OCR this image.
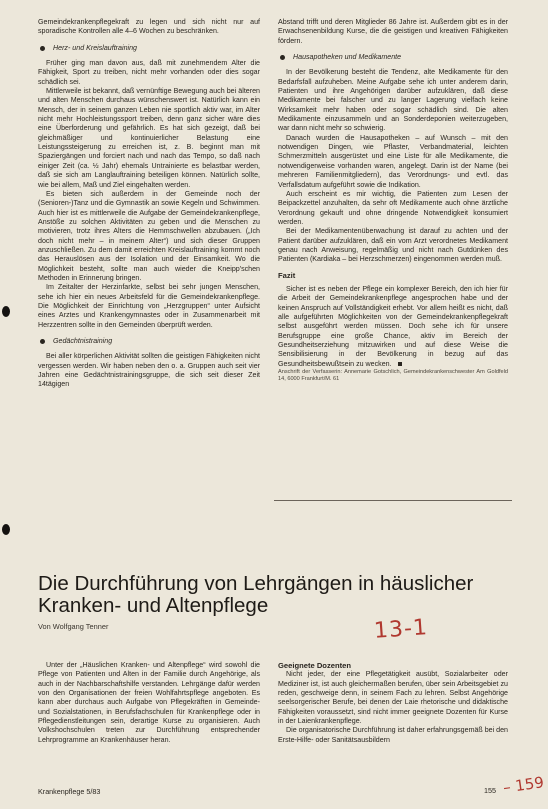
Gemeindekrankenpflegekraft zu legen und sich nicht nur auf sporadische Kontrollen alle 4–6 Wochen zu beschränken.

Herz- und Kreislauftraining

Früher ging man davon aus, daß mit zunehmendem Alter die Fähigkeit, Sport zu treiben, nicht mehr vorhanden oder dies sogar schädlich sei.

Mittlerweile ist bekannt, daß vernünftige Bewegung auch bei älteren und alten Menschen durchaus wünschenswert ist. Natürlich kann ein Mensch, der in seinem ganzen Leben nie sportlich aktiv war, im Alter nicht mehr Hochleistungssport treiben, denn ganz sicher wäre dies eine Überforderung und gefährlich. Es hat sich gezeigt, daß bei gleichmäßiger und kontinuierlicher Belastung eine Leistungssteigerung zu erreichen ist, z. B. beginnt man mit Spaziergängen und forciert nach und nach das Tempo, so daß nach einiger Zeit (ca. ½ Jahr) ehemals Untrainierte es belastbar werden, daß sie sich am Langlauftraining beteiligen können. Natürlich sollte, wie bei allem, Maß und Ziel eingehalten werden.

Es bieten sich außerdem in der Gemeinde noch der (Senioren-)Tanz und die Gymnastik an sowie Kegeln und Schwimmen. Auch hier ist es mittlerweile die Aufgabe der Gemeindekrankenpflege, Anstöße zu solchen Aktivitäten zu geben und die Menschen zu motivieren, trotz ihres Alters die Hemmschwellen abzubauen. („Ich doch nicht mehr – in meinem Alter“) und sich dieser Gruppen anzuschließen. Zu dem damit erreichten Kreislauftraining kommt noch das Herauslösen aus der Isolation und der Einsamkeit. Wo die Möglichkeit besteht, sollte man auch wieder die Kneipp'schen Methoden in Erinnerung bringen.

Im Zeitalter der Herzinfarkte, selbst bei sehr jungen Menschen, sehe ich hier ein neues Arbeitsfeld für die Gemeindekrankenpflege. Die Möglichkeit der Einrichtung von „Herzgruppen“ unter Aufsicht eines Arztes und Krankengymnastes oder in Zusammenarbeit mit Herzzentren sollte in den Gemeinden überprüft werden.

Gedächtnistraining

Bei aller körperlichen Aktivität sollten die geistigen Fähigkeiten nicht vergessen werden. Wir haben neben den o. a. Gruppen auch seit vier Jahren eine Gedächtnistrainingsgruppe, die sich seit dieser Zeit 14tägigen

Abstand trifft und deren Mitglieder 86 Jahre ist. Außerdem gibt es in der Erwachsenenbildung Kurse, die die geistigen und kreativen Fähigkeiten fördern.

Hausapotheken und Medikamente

In der Bevölkerung besteht die Tendenz, alte Medikamente für den Bedarfsfall aufzuheben. Meine Aufgabe sehe ich unter anderem darin, Patienten und ihre Angehörigen darüber aufzuklären, daß diese Medikamente bei falscher und zu langer Lagerung vielfach keine Wirksamkeit mehr haben oder sogar schädlich sind. Die alten Medikamente einzusammeln und an Sonderdeponien weiterzugeben, war dann nicht mehr so schwierig.

Danach wurden die Hausapotheken – auf Wunsch – mit den notwendigen Dingen, wie Pflaster, Verbandmaterial, leichten Schmerzmitteln ausgerüstet und eine Liste für alle Medikamente, die notwendigerweise vorhanden waren, angelegt. Darin ist der Name (bei mehreren Familienmitgliedern), das Verordnungs- und evtl. das Verfallsdatum aufgeführt sowie die Indikation.

Auch erscheint es mir wichtig, die Patienten zum Lesen der Beipackzettel anzuhalten, da sehr oft Medikamente auch ohne ärztliche Verordnung gekauft und ohne dringende Notwendigkeit konsumiert werden.

Bei der Medikamentenüberwachung ist darauf zu achten und der Patient darüber aufzuklären, daß ein vom Arzt verordnetes Medikament genau nach Anweisung, regelmäßig und nicht nach Gutdünken des Patienten (Kardiaka – bei Herzschmerzen) eingenommen werden muß.

Fazit

Sicher ist es neben der Pflege ein komplexer Bereich, den ich hier für die Arbeit der Gemeindekrankenpflege angesprochen habe und der keinen Anspruch auf Vollständigkeit erhebt. Vor allem heißt es nicht, daß alle aufgeführten Möglichkeiten von der Gemeindekrankenpflegekraft selbst ausgeführt werden müssen. Doch sehe ich für unsere Berufsgruppe eine große Chance, aktiv im Bereich der Gesundheitserziehung mitzuwirken und auf diese Weise die Sensibilisierung in der Bevölkerung in bezug auf das Gesundheitsbewußtsein zu wecken.

Anschrift der Verfasserin: Annemarie Gotschlich, Gemeindekrankenschwester Am Goldfeld 14, 6000 Frankfurt/M. 61

Die Durchführung von Lehrgängen in häuslicher Kranken- und Altenpflege
Von Wolfgang Tenner	13-1

Unter der „Häuslichen Kranken- und Altenpflege“ wird sowohl die Pflege von Patienten und Alten in der Familie durch Angehörige, als auch in der Nachbarschaftshilfe verstanden. Lehrgänge dafür werden von den Organisationen der freien Wohlfahrtspflege angeboten. Es kann aber durchaus auch Aufgabe von Pflegekräften in Gemeinde- und Sozialstationen, in Berufsfachschulen für Krankenpflege oder in Pflegedienstleitungen sein, derartige Kurse zu organisieren. Auch Volkshochschulen treten zur Durchführung entsprechender Lehrprogramme an Krankenhäuser heran.

Geeignete Dozenten

Nicht jeder, der eine Pflegetätigkeit ausübt, Sozialarbeiter oder Mediziner ist, ist auch gleichermaßen berufen, über sein Arbeitsgebiet zu reden, geschweige denn, in seinem Fach zu lehren. Selbst Angehörige seelsorgerischer Berufe, bei denen der Laie rhetorische und didaktische Fähigkeiten voraussetzt, sind nicht immer geeignete Dozenten für Kurse in der Laienkrankenpflege.

Die organisatorische Durchführung ist daher erfahrungsgemäß bei den Erste-Hilfe- oder Sanitätsausbildern

Krankenpflege 5/83	155 – 159
